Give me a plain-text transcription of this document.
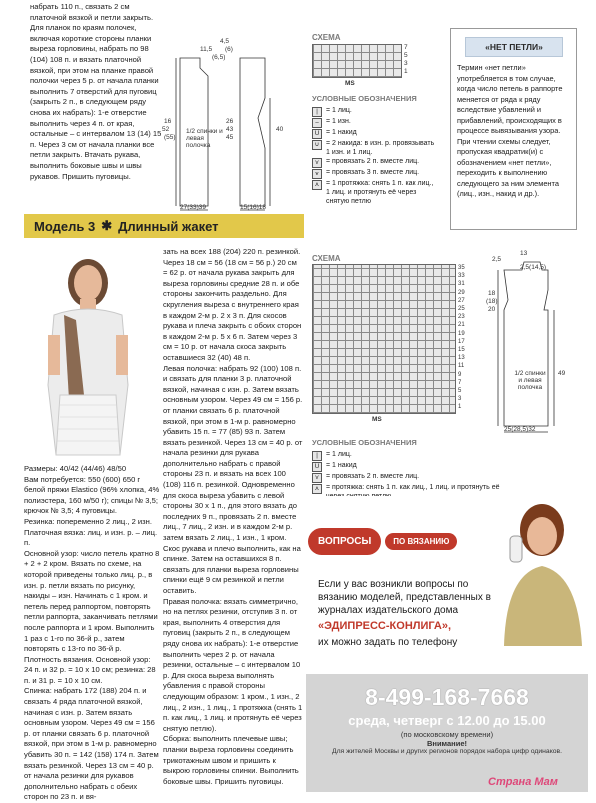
набрать 110 п., связать 2 см платочной вязкой и петли закрыть.
Для планок по краям полочек, включая короткие стороны планки выреза горловины, набрать по 98 (104) 108 п. и вязать платочной вязкой, при этом на планке правой полочки через 5 р. от начала планки выполнить 7 отверстий для пуговиц (закрыть 2 п., в следующем ряду снова их набрать): 1-е отверстие выполнить через 4 п. от края, остальные – с интервалом 13 (14) 15 п. Через 3 см от начала планки все петли закрыть. Втачать рукава, выполнить боковые швы и швы рукавов. Пришить пуговицы.
1/2 спинки и левая полочка
4,5
11,5 (6)
(6,5)
16
52
(55)
26
43
45
40
27(33)39	15(16)18
СХЕМА
7
5
3
1
MS
УСЛОВНЫЕ ОБОЗНАЧЕНИЯ
|	= 1 лиц.
–	= 1 изн.
U = 1 накид
∪ = 2 накида: в изн. р. провязывать 1 изн. и 1 лиц.
⋎ = провязать 2 п. вместе лиц.
⩛	= провязать 3 п. вместе лиц.
⋏ = 1 протяжка: снять 1 п. как лиц., 1 лиц. и протянуть её через снятую петлю
«НЕТ ПЕТЛИ»
Термин «нет петли» употребляется в том случае, когда число петель в раппорте меняется от ряда к ряду вследствие убавлений и прибавлений, происходящих в процессе вывязывания узора. При чтении схемы следует, пропуская квадратик(и) с обозначением «нет петли», переходить к выполнению следующего за ним элемента (лиц., изн., накид и др.).
Модель 3 ✱ Длинный жакет
Размеры: 40/42 (44/46) 48/50
Вам потребуется: 550 (600) 650 г белой пряжи Elastico (96% хлопка, 4% полиэстера, 160 м/50 г); спицы № 3,5; крючок № 3,5; 4 пуговицы.
Резинка: попеременно 2 лиц., 2 изн.
Платочная вязка: лиц. и изн. р. – лиц. п.
Основной узор: число петель кратно 8 + 2 + 2 кром. Вязать по схеме, на которой приведены только лиц. р., в изн. р. петли вязать по рисунку, накиды – изн. Начинать с 1 кром. и петель перед раппортом, повторять петли раппорта, заканчивать петлями после раппорта и 1 кром. Выполнить 1 раз с 1-го по 36-й р., затем повторять с 13-го по 36-й р.
Плотность вязания. Основной узор: 24 п. и 32 р. = 10 х 10 см; резинка: 28 п. и 31 р. = 10 х 10 см.
Спинка: набрать 172 (188) 204 п. и связать 4 ряда платочной вязкой, начиная с изн. р. Затем вязать основным узором. Через 49 см = 156 р. от планки связать 6 р. платочной вязкой, при этом в 1-м р. равномерно убавить 30 п. = 142 (158) 174 п. Затем вязать резинкой. Через 13 см = 40 р. от начала резинки для рукавов дополнительно набрать с обеих сторон по 23 п. и вя-
зать на всех 188 (204) 220 п. резинкой. Через 18 см = 56 (18 см = 56 р.) 20 см = 62 р. от начала рукава закрыть для выреза горловины средние 28 п. и обе стороны закончить раздельно. Для скругления выреза с внутреннего края в каждом 2-м р. 2 х 3 п. Для скосов рукава и плеча закрыть с обоих сторон в каждом 2-м р. 5 х 6 п. Затем через 3 см = 10 р. от начала скоса закрыть оставшиеся 32 (40) 48 п.
Левая полочка: набрать 92 (100) 108 п. и связать для планки 3 р. платочной вязкой, начиная с изн. р. Затем вязать основным узором. Через 49 см = 156 р. от планки связать 6 р. платочной вязкой, при этом в 1-м р. равномерно убавить 15 п. = 77 (85) 93 п. Затем вязать резинкой. Через 13 см = 40 р. от начала резинки для рукава дополнительно набрать с правой стороны 23 п. и вязать на всех 100 (108) 116 п. резинкой. Одновременно для скоса выреза убавить с левой стороны 30 х 1 п., для этого вязать до последних 9 п., провязать 2 п. вместе лиц., 7 лиц., 2 изн. и в каждом 2-м р. затем вязать 2 лиц., 1 изн., 1 кром. Скос рукава и плечо выполнить, как на спинке. Затем на оставшихся 8 п. связать для планки выреза горловины спинки ещё 9 см резинкой и петли оставить.
Правая полочка: вязать симметрично, но на петлях резинки, отступив 3 п. от края, выполнить 4 отверстия для пуговиц (закрыть 2 п., в следующем ряду снова их набрать): 1-е отверстие выполнить через 2 р. от начала резинки, остальные – с интервалом 10 р. Для скоса выреза выполнять убавления с правой стороны следующим образом: 1 кром., 1 изн., 2 лиц., 2 изн., 1 лиц., 1 протяжка (снять 1 п. как лиц., 1 лиц. и протянуть её через снятую петлю).
Сборка: выполнить плечевые швы; планки выреза горловины соединить трикотажным швом и пришить к выкрою горловины спинки. Выполнить боковые швы. Пришить пуговицы.
СХЕМА
35
33
31
29
27
25
23
21
19
17
15
13
11
9
7
5
3
1
MS
УСЛОВНЫЕ ОБОЗНАЧЕНИЯ
|	= 1 лиц.
U = 1 накид
⋎ = провязать 2 п. вместе лиц.
⋏ = протяжка: снять 1 п. как лиц., 1 лиц. и протянуть её
1/2 спинки и левая полочка
13
2,5(14,5)
2,5
18
(18)
20
49
25(28,5)32
ВОПРОСЫ	ПО ВЯЗАНИЮ
Если у вас возникли вопросы по вязанию моделей, представленных в журналах издательского дома
«ЭДИПРЕСС-КОНЛИГА»,
их можно задать по телефону
8-499-168-7668
среда, четверг с 12.00 до 15.00
(по московскому времени)
Внимание!
Для жителей Москвы и других регионов порядок набора цифр одинаков.
Страна Мам
